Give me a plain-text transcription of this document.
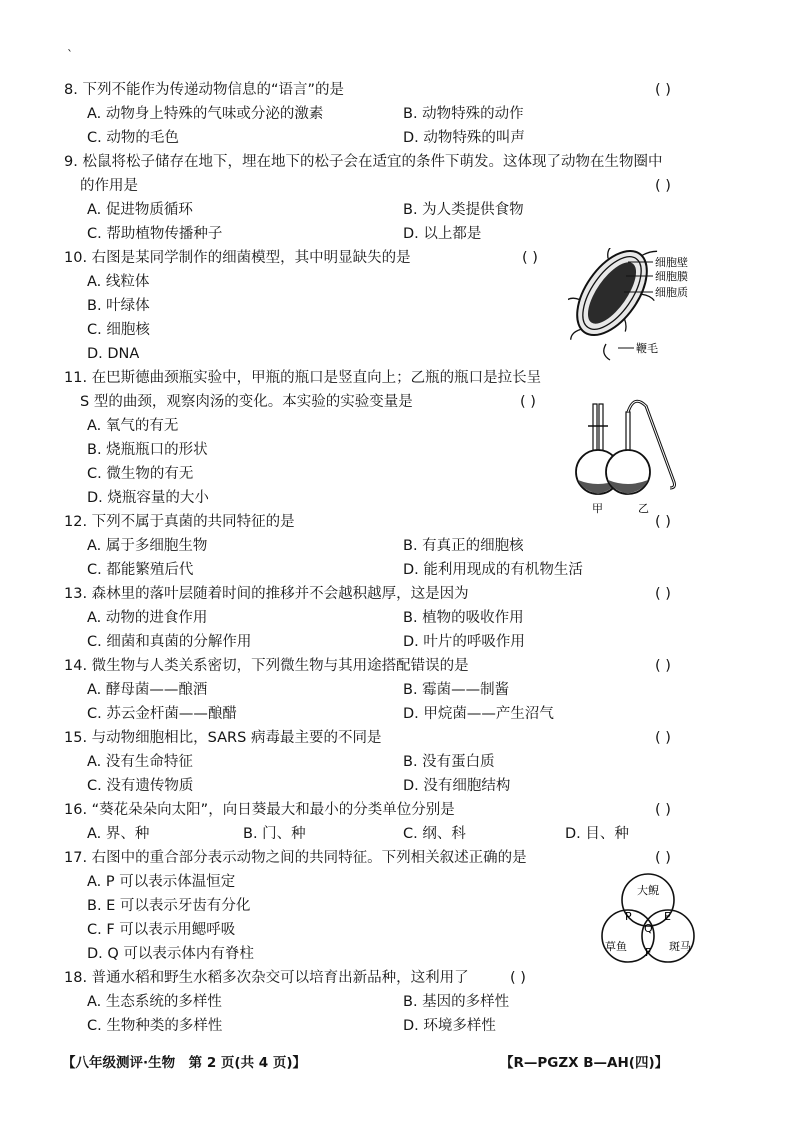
`
8. 下列不能作为传递动物信息的“语言”的是	( )
A. 动物身上特殊的气味或分泌的激素	B. 动物特殊的动作
C. 动物的毛色	D. 动物特殊的叫声
9. 松鼠将松子储存在地下，埋在地下的松子会在适宜的条件下萌发。这体现了动物在生物圈中
的作用是	( )
A. 促进物质循环	B. 为人类提供食物
C. 帮助植物传播种子	D. 以上都是
10. 右图是某同学制作的细菌模型，其中明显缺失的是	( )
A. 线粒体
B. 叶绿体
C. 细胞核
D. DNA
细胞壁
细胞膜
细胞质
鞭毛
11. 在巴斯德曲颈瓶实验中，甲瓶的瓶口是竖直向上；乙瓶的瓶口是拉长呈
S 型的曲颈，观察肉汤的变化。本实验的实验变量是	( )
A. 氧气的有无
B. 烧瓶瓶口的形状
C. 微生物的有无
D. 烧瓶容量的大小
甲	乙
12. 下列不属于真菌的共同特征的是	( )
A. 属于多细胞生物	B. 有真正的细胞核
C. 都能繁殖后代	D. 能利用现成的有机物生活
13. 森林里的落叶层随着时间的推移并不会越积越厚，这是因为	( )
A. 动物的进食作用	B. 植物的吸收作用
C. 细菌和真菌的分解作用	D. 叶片的呼吸作用
14. 微生物与人类关系密切，下列微生物与其用途搭配错误的是	( )
A. 酵母菌——酿酒	B. 霉菌——制酱
C. 苏云金杆菌——酿醋	D. 甲烷菌——产生沼气
15. 与动物细胞相比，SARS 病毒最主要的不同是	( )
A. 没有生命特征	B. 没有蛋白质
C. 没有遗传物质	D. 没有细胞结构
16. “葵花朵朵向太阳”，向日葵最大和最小的分类单位分别是	( )
A. 界、种	B. 门、种	C. 纲、科	D. 目、种
17. 右图中的重合部分表示动物之间的共同特征。下列相关叙述正确的是	( )
A. P 可以表示体温恒定
B. E 可以表示牙齿有分化
C. F 可以表示用鳃呼吸
D. Q 可以表示体内有脊柱
大鲵
草鱼	斑马
P	E
Q
F
18. 普通水稻和野生水稻多次杂交可以培育出新品种，这利用了	( )
A. 生态系统的多样性	B. 基因的多样性
C. 生物种类的多样性	D. 环境多样性
【八年级测评·生物　第 2 页(共 4 页)】	【R—PGZX B—AH(四)】
